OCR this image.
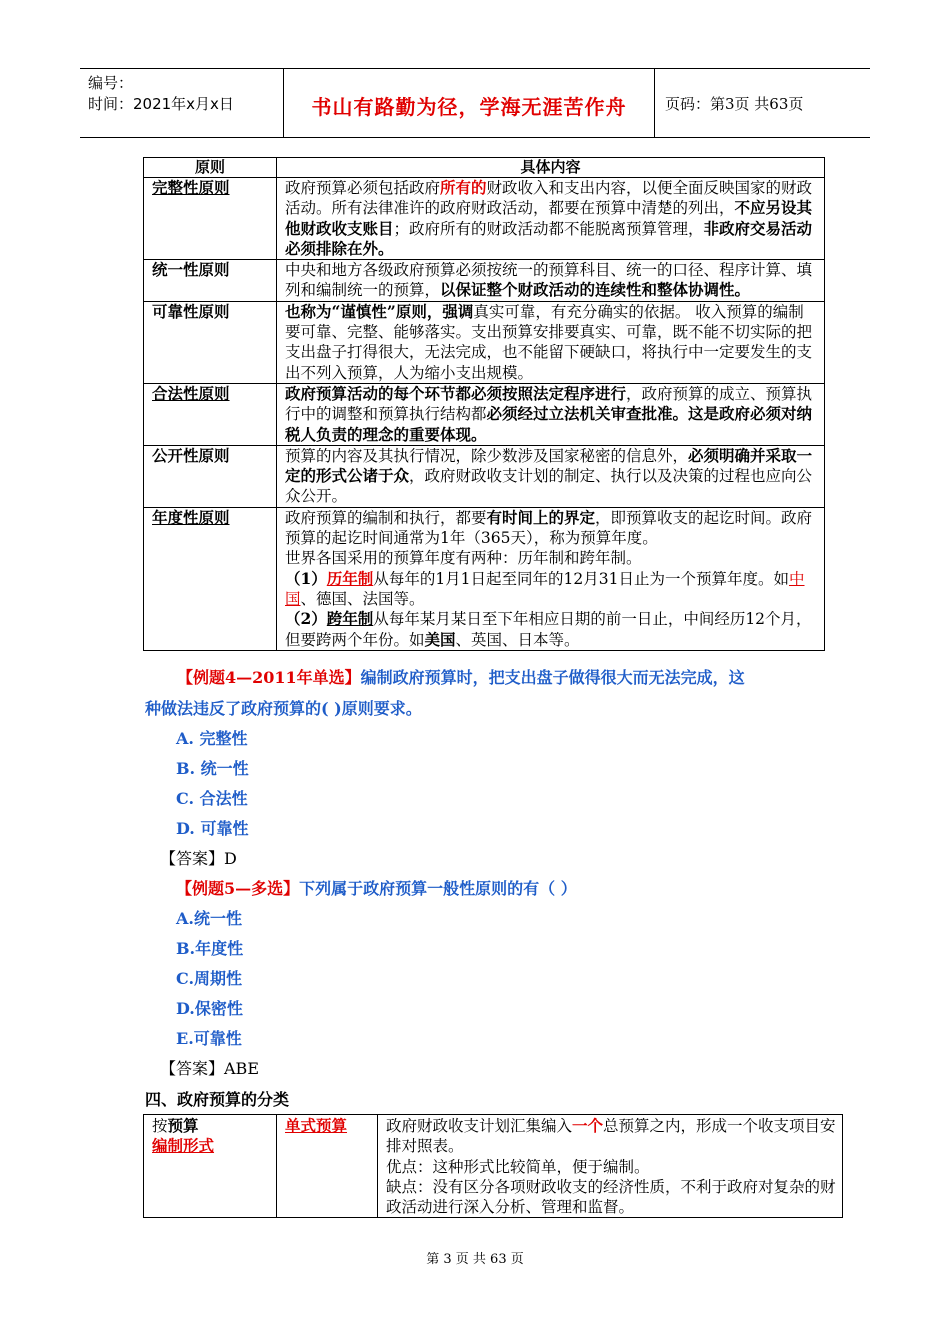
编号：
时间：2021年x月x日	书山有路勤为径，学海无涯苦作舟	页码：第3页 共63页
原则	具体内容
完整性原则	政府预算必须包括政府所有的财政收入和支出内容，以便全面反映国家的财政活动。所有法律准许的政府财政活动，都要在预算中清楚的列出，不应另设其他财政收支账目；政府所有的财政活动都不能脱离预算管理，非政府交易活动必须排除在外。
统一性原则	中央和地方各级政府预算必须按统一的预算科目、统一的口径、程序计算、填列和编制统一的预算，以保证整个财政活动的连续性和整体协调性。
可靠性原则	也称为“谨慎性”原则，强调真实可靠，有充分确实的依据。 收入预算的编制要可靠、完整、能够落实。支出预算安排要真实、可靠，既不能不切实际的把支出盘子打得很大，无法完成，也不能留下硬缺口，将执行中一定要发生的支出不列入预算，人为缩小支出规模。
合法性原则	政府预算活动的每个环节都必须按照法定程序进行，政府预算的成立、预算执行中的调整和预算执行结构都必须经过立法机关审查批准。这是政府必须对纳税人负责的理念的重要体现。
公开性原则	预算的内容及其执行情况，除少数涉及国家秘密的信息外，必须明确并采取一定的形式公诸于众，政府财政收支计划的制定、执行以及决策的过程也应向公众公开。
年度性原则	政府预算的编制和执行，都要有时间上的界定，即预算收支的起讫时间。政府预算的起讫时间通常为1年（365天），称为预算年度。
世界各国采用的预算年度有两种：历年制和跨年制。
（1）历年制从每年的1月1日起至同年的12月31日止为一个预算年度。如中国、德国、法国等。
（2）跨年制从每年某月某日至下年相应日期的前一日止，中间经历12个月，但要跨两个年份。如美国、英国、日本等。
【例题4—2011年单选】编制政府预算时，把支出盘子做得很大而无法完成，这
种做法违反了政府预算的( )原则要求。
A. 完整性
B. 统一性
C. 合法性
D. 可靠性
【答案】D
【例题5—多选】下列属于政府预算一般性原则的有（ ）
A.统一性
B.年度性
C.周期性
D.保密性
E.可靠性
【答案】ABE
四、政府预算的分类
按预算
编制形式
	单式预算	政府财政收支计划汇集编入一个总预算之内，形成一个收支项目安排对照表。
优点：这种形式比较简单，便于编制。
缺点：没有区分各项财政收支的经济性质，不利于政府对复杂的财政活动进行深入分析、管理和监督。
第 3 页 共 63 页
